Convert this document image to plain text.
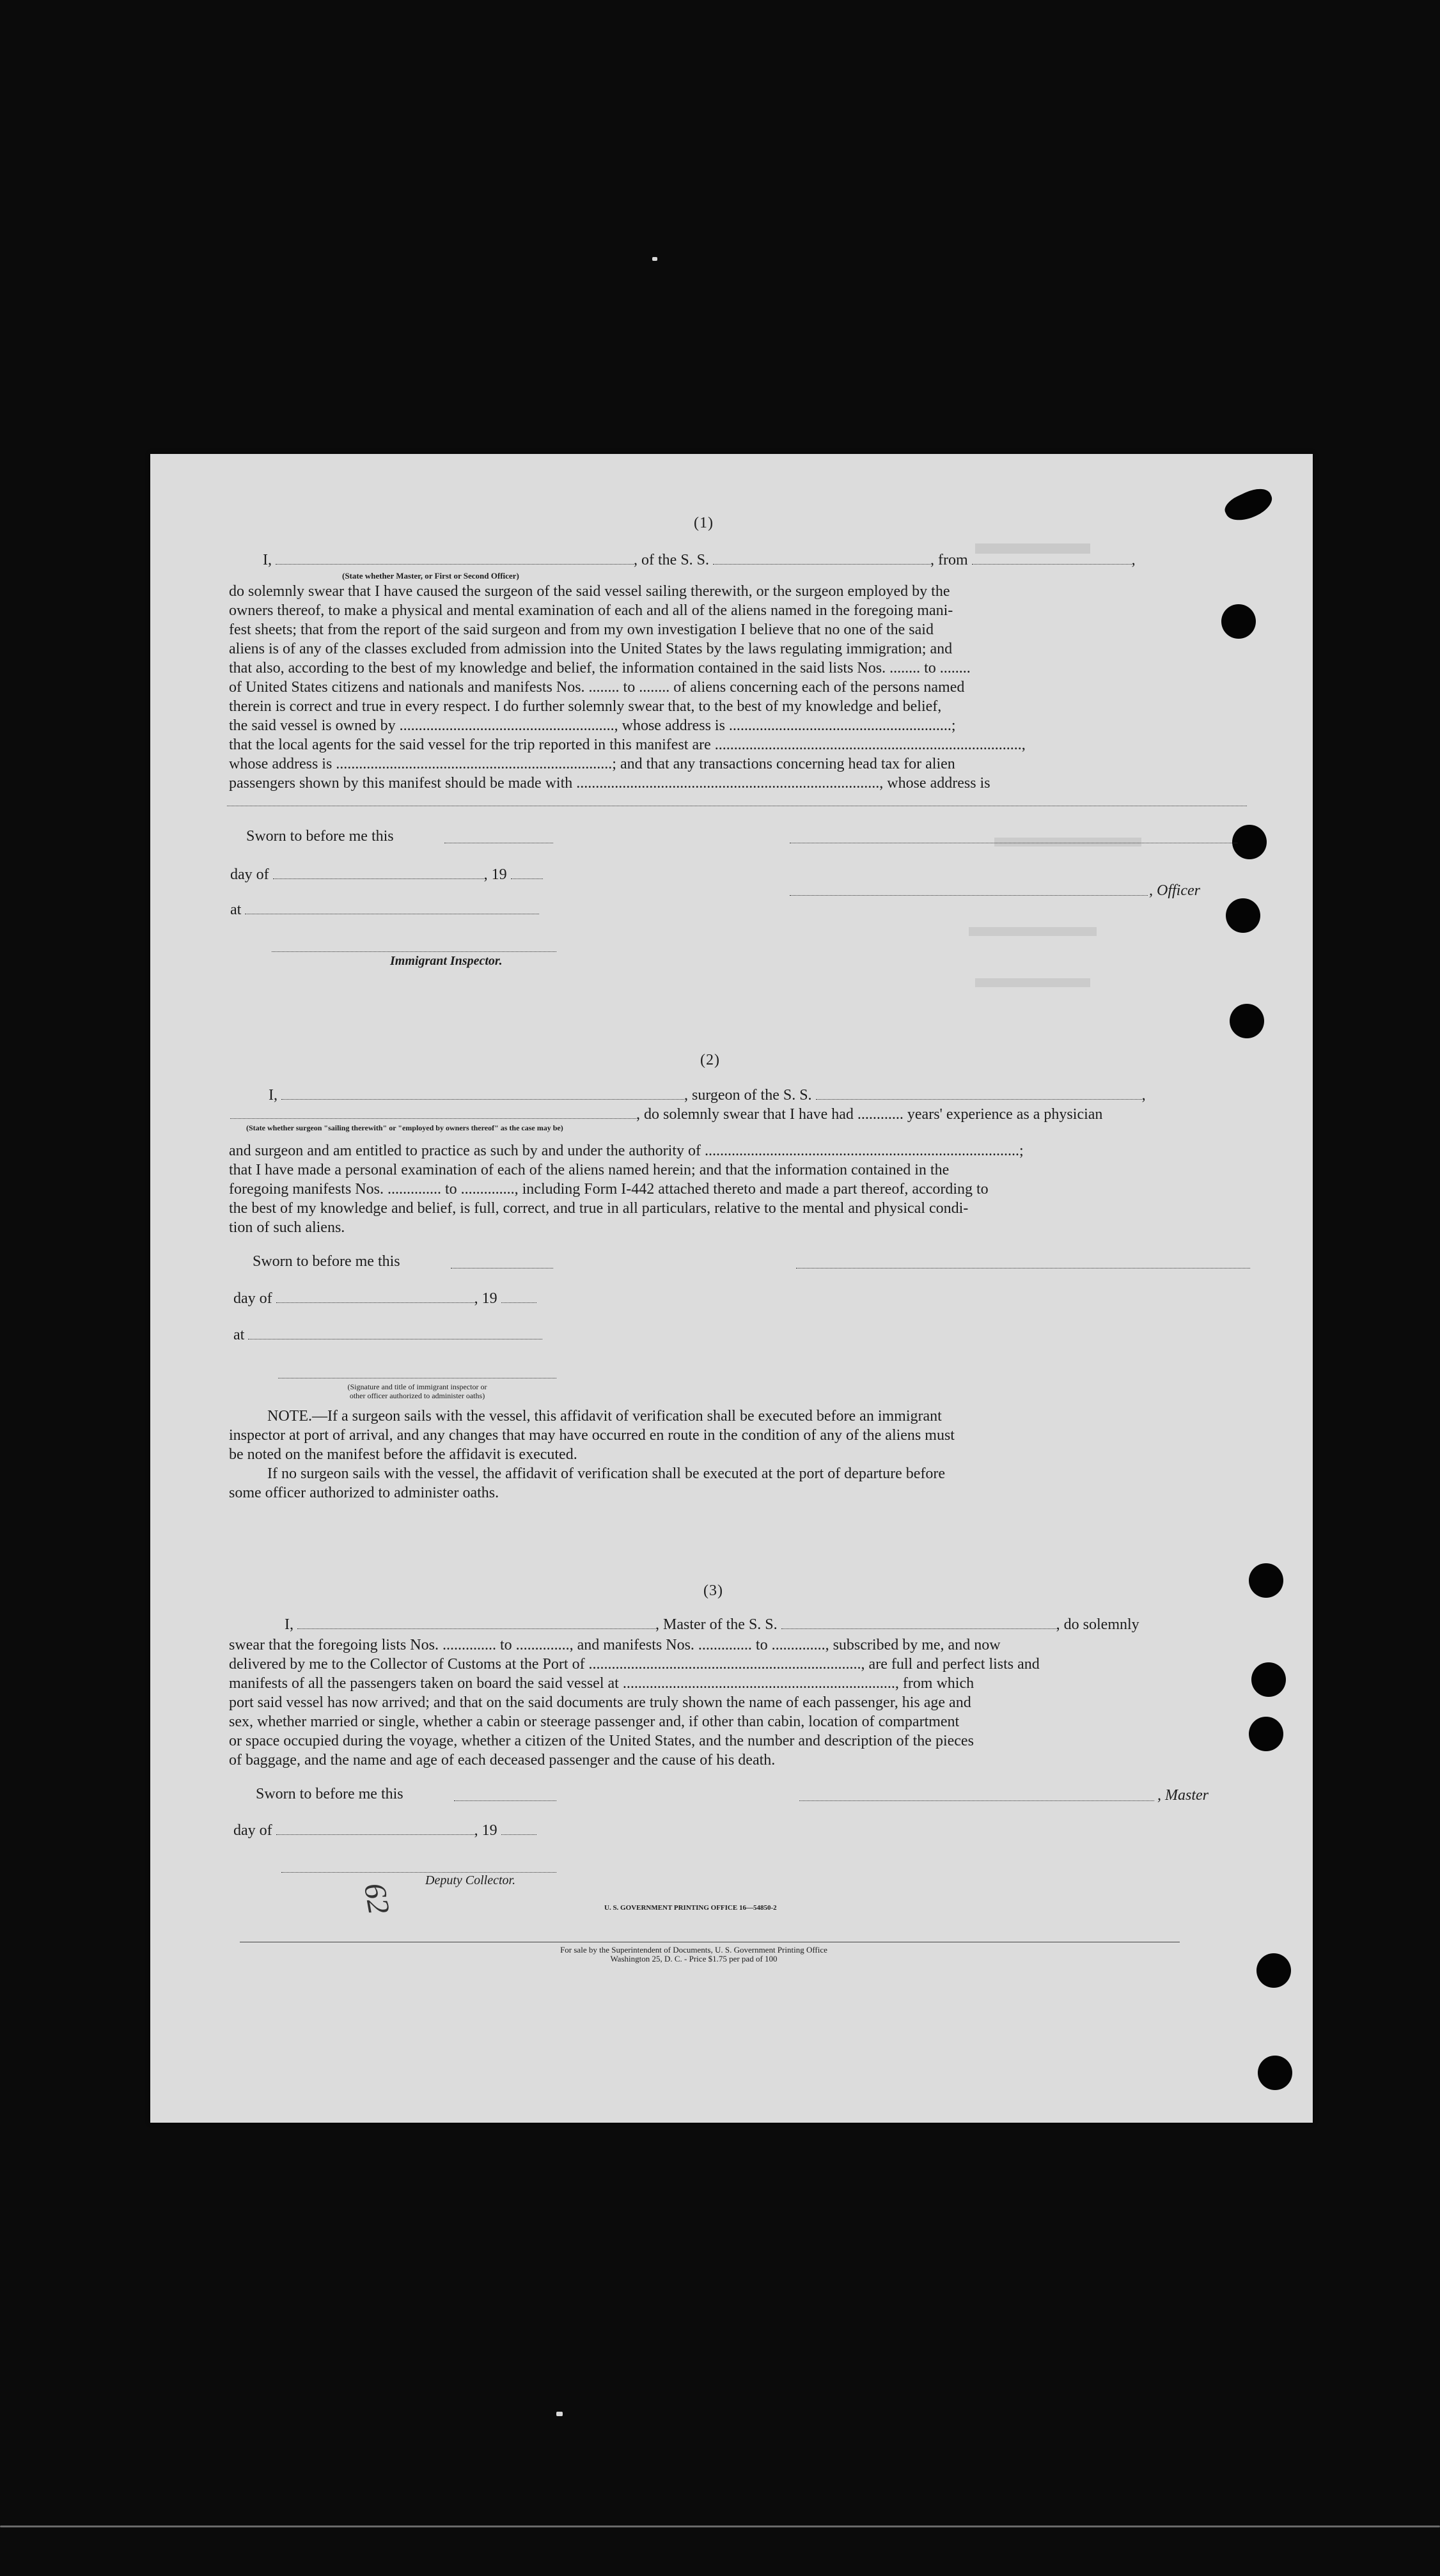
(1)
I,	, of the S. S.	, from	,
(State whether Master, or First or Second Officer)
do solemnly swear that I have caused the surgeon of the said vessel sailing therewith, or the surgeon employed by the
owners thereof, to make a physical and mental examination of each and all of the aliens named in the foregoing mani-
fest sheets; that from the report of the said surgeon and from my own investigation I believe that no one of the said
aliens is of any of the classes excluded from admission into the United States by the laws regulating immigration; and
that also, according to the best of my knowledge and belief, the information contained in the said lists Nos. ........ to ........
of United States citizens and nationals and manifests Nos. ........ to ........ of aliens concerning each of the persons named
therein is correct and true in every respect. I do further solemnly swear that, to the best of my knowledge and belief,
the said vessel is owned by ........................................................, whose address is ..........................................................;
that the local agents for the said vessel for the trip reported in this manifest are ................................................................................,
whose address is ........................................................................; and that any transactions concerning head tax for alien
passengers shown by this manifest should be made with ..............................................................................., whose address is
Sworn to before me this
day of	, 19
, Officer
at
Immigrant Inspector.
(2)
I,	, surgeon of the S. S.	,
, do solemnly swear that I have had ............ years' experience as a physician
(State whether surgeon "sailing therewith" or "employed by owners thereof" as the case may be)
and surgeon and am entitled to practice as such by and under the authority of ..................................................................................;
that I have made a personal examination of each of the aliens named herein; and that the information contained in the
foregoing manifests Nos. .............. to .............., including Form I-442 attached thereto and made a part thereof, according to
the best of my knowledge and belief, is full, correct, and true in all particulars, relative to the mental and physical condi-
tion of such aliens.
Sworn to before me this
day of	, 19
at
(Signature and title of immigrant inspector or
other officer authorized to administer oaths)
NOTE.—If a surgeon sails with the vessel, this affidavit of verification shall be executed before an immigrant
inspector at port of arrival, and any changes that may have occurred en route in the condition of any of the aliens must
be noted on the manifest before the affidavit is executed.
If no surgeon sails with the vessel, the affidavit of verification shall be executed at the port of departure before
some officer authorized to administer oaths.
(3)
I,	, Master of the S. S.	, do solemnly
swear that the foregoing lists Nos. .............. to .............., and manifests Nos. .............. to .............., subscribed by me, and now
delivered by me to the Collector of Customs at the Port of ......................................................................., are full and perfect lists and
manifests of all the passengers taken on board the said vessel at ......................................................................., from which
port said vessel has now arrived; and that on the said documents are truly shown the name of each passenger, his age and
sex, whether married or single, whether a cabin or steerage passenger and, if other than cabin, location of compartment
or space occupied during the voyage, whether a citizen of the United States, and the number and description of the pieces
of baggage, and the name and age of each deceased passenger and the cause of his death.
Sworn to before me this	, Master
day of	, 19
Deputy Collector.
62	U. S. GOVERNMENT PRINTING OFFICE 16—54850-2
For sale by the Superintendent of Documents, U. S. Government Printing Office
Washington 25, D. C. - Price $1.75 per pad of 100
